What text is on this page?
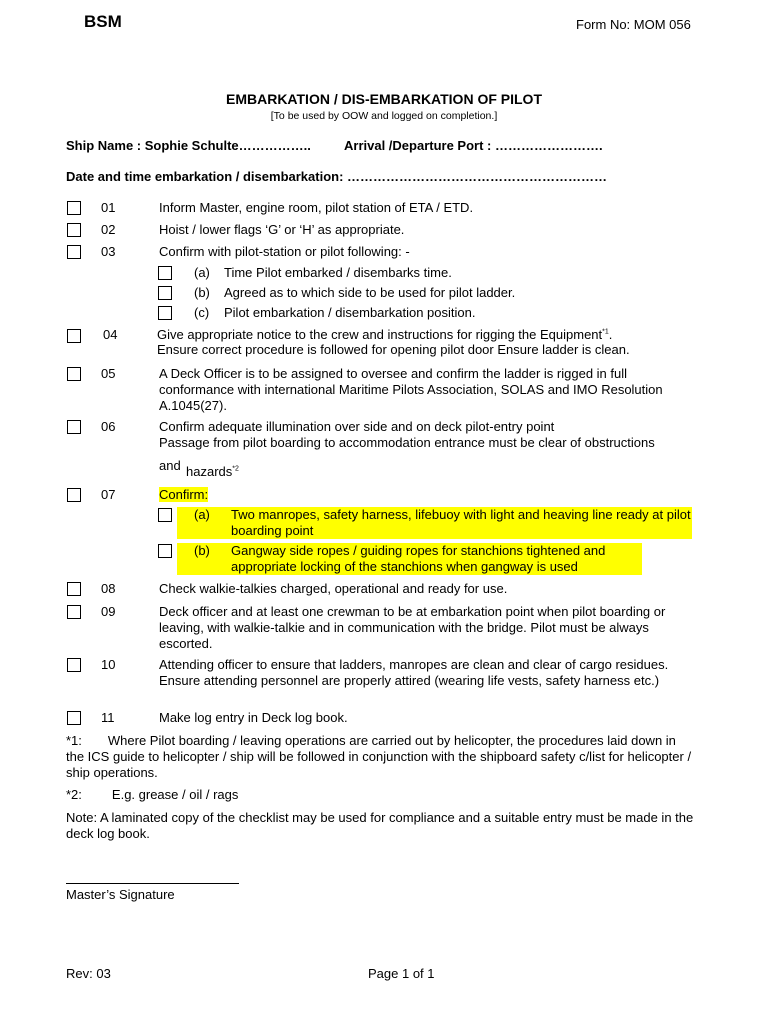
BSM	Form No: MOM 056
EMBARKATION / DIS-EMBARKATION OF PILOT
[To be used by OOW and logged on completion.]
Ship Name : Sophie Schulte……………..	Arrival /Departure Port : …………………….
Date and time embarkation / disembarkation: ……………………………………………………
01	Inform Master, engine room, pilot station of ETA / ETD.
02	Hoist / lower flags ‘G’ or ‘H’ as appropriate.
03	Confirm with pilot-station or pilot following: -
(a) Time Pilot embarked / disembarks time.
(b) Agreed as to which side to be used for pilot ladder.
(c) Pilot embarkation / disembarkation position.
04	Give appropriate notice to the crew and instructions for rigging the Equipment$^{*1}$.
Ensure correct procedure is followed for opening pilot door Ensure ladder is clean.
05	A Deck Officer is to be assigned to oversee and confirm the ladder is rigged in full conformance with international Maritime Pilots Association, SOLAS and IMO Resolution A.1045(27).
06	Confirm adequate illumination over side and on deck pilot-entry point
Passage from pilot boarding to accommodation entrance must be clear of obstructions
and hazards$^{*2}$
07	Confirm:
(a) Two manropes, safety harness, lifebuoy with light and heaving line ready at pilot boarding point
(b) Gangway side ropes / guiding ropes for stanchions tightened and appropriate locking of the stanchions when gangway is used
08	Check walkie-talkies charged, operational and ready for use.
09	Deck officer and at least one crewman to be at embarkation point when pilot boarding or leaving, with walkie-talkie and in communication with the bridge. Pilot must be always escorted.
10	Attending officer to ensure that ladders, manropes are clean and clear of cargo residues. Ensure attending personnel are properly attired (wearing life vests, safety harness etc.)
11	Make log entry in Deck log book.
*1: Where Pilot boarding / leaving operations are carried out by helicopter, the procedures laid down in the ICS guide to helicopter / ship will be followed in conjunction with the shipboard safety c/list for helicopter / ship operations.
*2: E.g. grease / oil / rags
Note: A laminated copy of the checklist may be used for compliance and a suitable entry must be made in the deck log book.
Master’s Signature
Rev: 03	Page 1 of 1
